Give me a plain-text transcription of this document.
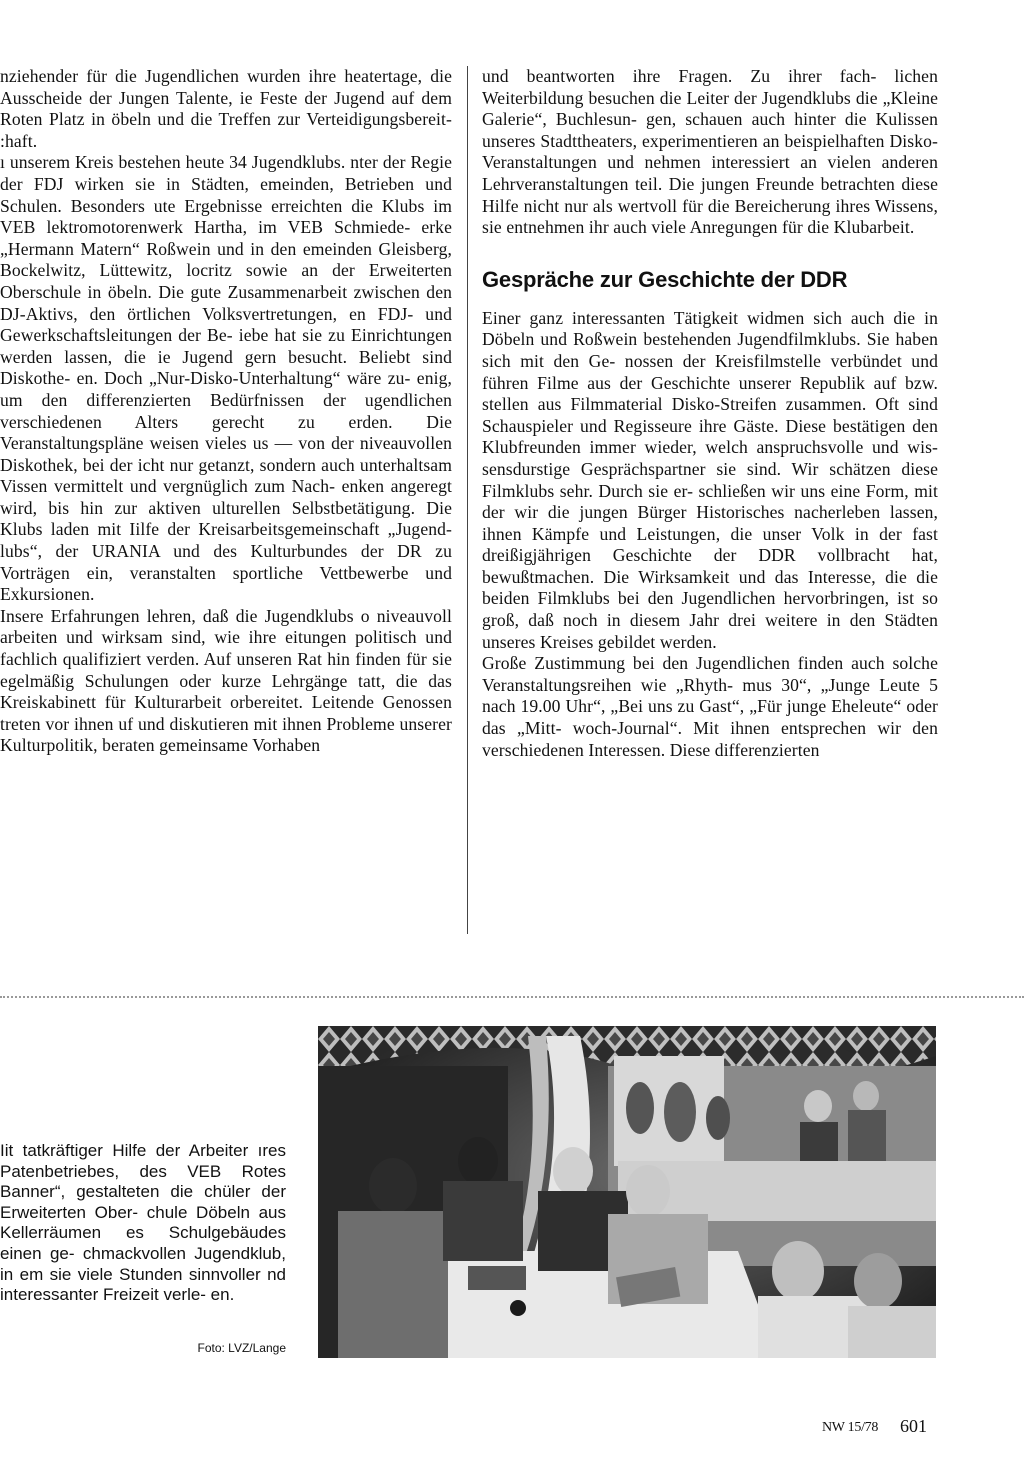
nziehender für die Jugendlichen wurden ihre heatertage, die Ausscheide der Jungen Talente, ie Feste der Jugend auf dem Roten Platz in öbeln und die Treffen zur Verteidigungsbereit- :haft.

ı unserem Kreis bestehen heute 34 Jugendklubs. nter der Regie der FDJ wirken sie in Städten, emeinden, Betrieben und Schulen. Besonders ute Ergebnisse erreichten die Klubs im VEB lektromotorenwerk Hartha, im VEB Schmiede- erke „Hermann Matern“ Roßwein und in den emeinden Gleisberg, Bockelwitz, Lüttewitz, locritz sowie an der Erweiterten Oberschule in öbeln. Die gute Zusammenarbeit zwischen den DJ-Aktivs, den örtlichen Volksvertretungen, en FDJ- und Gewerkschaftsleitungen der Be- iebe hat sie zu Einrichtungen werden lassen, die ie Jugend gern besucht. Beliebt sind Diskothe- en. Doch „Nur-Disko-Unterhaltung“ wäre zu- enig, um den differenzierten Bedürfnissen der ugendlichen verschiedenen Alters gerecht zu erden. Die Veranstaltungspläne weisen vieles us — von der niveauvollen Diskothek, bei der icht nur getanzt, sondern auch unterhaltsam Vissen vermittelt und vergnüglich zum Nach- enken angeregt wird, bis hin zur aktiven ulturellen Selbstbetätigung. Die Klubs laden mit Iilfe der Kreisarbeitsgemeinschaft „Jugend- lubs“, der URANIA und des Kulturbundes der DR zu Vorträgen ein, veranstalten sportliche Vettbewerbe und Exkursionen.

Insere Erfahrungen lehren, daß die Jugendklubs o niveauvoll arbeiten und wirksam sind, wie ihre eitungen politisch und fachlich qualifiziert verden. Auf unseren Rat hin finden für sie egelmäßig Schulungen oder kurze Lehrgänge tatt, die das Kreiskabinett für Kulturarbeit orbereitet. Leitende Genossen treten vor ihnen uf und diskutieren mit ihnen Probleme unserer Kulturpolitik, beraten gemeinsame Vorhaben

und beantworten ihre Fragen. Zu ihrer fach- lichen Weiterbildung besuchen die Leiter der Jugendklubs die „Kleine Galerie“, Buchlesun- gen, schauen auch hinter die Kulissen unseres Stadttheaters, experimentieren an beispielhaften Disko-Veranstaltungen und nehmen interessiert an vielen anderen Lehrveranstaltungen teil. Die jungen Freunde betrachten diese Hilfe nicht nur als wertvoll für die Bereicherung ihres Wissens, sie entnehmen ihr auch viele Anregungen für die Klubarbeit.

Gespräche zur Geschichte der DDR

Einer ganz interessanten Tätigkeit widmen sich auch die in Döbeln und Roßwein bestehenden Jugendfilmklubs. Sie haben sich mit den Ge- nossen der Kreisfilmstelle verbündet und führen Filme aus der Geschichte unserer Republik auf bzw. stellen aus Filmmaterial Disko-Streifen zusammen. Oft sind Schauspieler und Regisseure ihre Gäste. Diese bestätigen den Klubfreunden immer wieder, welch anspruchsvolle und wis- sensdurstige Gesprächspartner sie sind. Wir schätzen diese Filmklubs sehr. Durch sie er- schließen wir uns eine Form, mit der wir die jungen Bürger Historisches nacherleben lassen, ihnen Kämpfe und Leistungen, die unser Volk in der fast dreißigjährigen Geschichte der DDR vollbracht hat, bewußtmachen. Die Wirksamkeit und das Interesse, die die beiden Filmklubs bei den Jugendlichen hervorbringen, ist so groß, daß noch in diesem Jahr drei weitere in den Städten unseres Kreises gebildet werden.

Große Zustimmung bei den Jugendlichen finden auch solche Veranstaltungsreihen wie „Rhyth- mus 30“, „Junge Leute 5 nach 19.00 Uhr“, „Bei uns zu Gast“, „Für junge Eheleute“ oder das „Mitt- woch-Journal“. Mit ihnen entsprechen wir den verschiedenen Interessen. Diese differenzierten

Iit tatkräftiger Hilfe der Arbeiter ıres Patenbetriebes, des VEB Rotes Banner“, gestalteten die chüler der Erweiterten Ober- chule Döbeln aus Kellerräumen es Schulgebäudes einen ge- chmackvollen Jugendklub, in em sie viele Stunden sinnvoller nd interessanter Freizeit verle- en.
Foto: LVZ/Lange
NW 15/78 601
